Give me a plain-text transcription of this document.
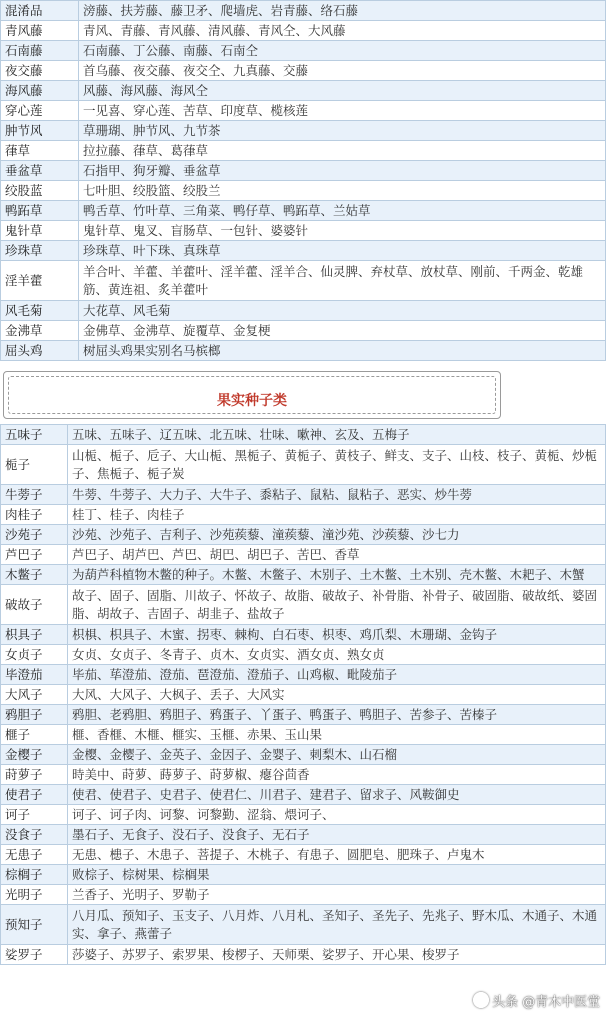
混淆品	滂藤、扶芳藤、藤卫矛、爬墙虎、岩青藤、络石藤
青风藤	青风、青藤、青风藤、清风藤、青风仝、大风藤
石南藤	石南藤、丁公藤、南藤、石南仝
夜交藤	首乌藤、夜交藤、夜交仝、九真藤、交藤
海风藤	风藤、海风藤、海风仝
穿心莲	一见喜、穿心莲、苦草、印度草、榄核莲
肿节风	草珊瑚、肿节风、九节茶
葎草	拉拉藤、葎草、葛葎草
垂盆草	石指甲、狗牙瓣、垂盆草
绞股蓝	七叶胆、绞股篮、绞股兰
鸭跖草	鸭舌草、竹叶草、三角菜、鸭仔草、鸭跖草、兰姑草
鬼针草	鬼针草、鬼叉、盲肠草、一包针、婆婆针
珍珠草	珍珠草、叶下珠、真珠草
淫羊藿	羊合叶、羊藿、羊藿叶、淫羊藿、淫羊合、仙灵脾、弃杖草、放杖草、刚前、千两金、乾雄筋、黄连祖、炙羊藿叶
风毛菊	大花草、风毛菊
金沸草	金佛草、金沸草、旋覆草、金复梗
屈头鸡	树屈头鸡果实别名马槟榔
果实种子类
五味子	五味、五味子、辽五味、北五味、壮味、嗽神、玄及、五梅子
栀子	山栀、栀子、卮子、大山栀、黑栀子、黄栀子、黄枝子、鲜支、支子、山枝、枝子、黄栀、炒栀子、焦栀子、栀子炭
牛蒡子	牛蒡、牛蒡子、大力子、大牛子、黍粘子、鼠粘、鼠粘子、恶实、炒牛蒡
肉桂子	桂丁、桂子、肉桂子
沙苑子	沙苑、沙苑子、吉利子、沙苑蒺藜、潼蒺藜、潼沙苑、沙蒺藜、沙七力
芦巴子	芦巴子、胡芦巴、芦巴、胡巴、胡巴子、苦巴、香草
木鳖子	为葫芦科植物木鳖的种子。木鳖、木鳖子、木别子、土木鳖、土木别、壳木鳖、木耙子、木蟹
破故子	故子、固子、固脂、川故子、怀故子、故脂、破故子、补骨脂、补骨子、破固脂、破故纸、婆固脂、胡故子、吉固子、胡韭子、盐故子
枳具子	枳椇、枳具子、木蜜、拐枣、棘枸、白石枣、枳枣、鸡爪梨、木珊瑚、金钩子
女贞子	女贞、女贞子、冬青子、贞木、女贞实、酒女贞、熟女贞
毕澄茄	毕茄、荜澄茄、澄茄、琶澄茄、澄茄子、山鸡椒、毗陵茄子
大风子	大风、大风子、大枫子、丢子、大风实
鸦胆子	鸦胆、老鸦胆、鸦胆子、鸦蛋子、丫蛋子、鸭蛋子、鸭胆子、苦参子、苦榛子
榧子	榧、香榧、木榧、榧实、玉榧、赤果、玉山果
金樱子	金樱、金樱子、金英子、金因子、金婴子、刺梨木、山石榴
莳萝子	時美中、莳萝、蒔萝子、莳萝椒、瘪谷茴香
使君子	使君、使君子、史君子、使君仁、川君子、建君子、留求子、风鞍御史
诃子	诃子、诃子肉、诃黎、诃黎勤、涩翁、煨诃子、
没食子	墨石子、无食子、没石子、没食子、无石子
无患子	无患、槵子、木患子、菩提子、木桃子、有患子、圆肥皂、肥珠子、卢鬼木
棕榈子	败棕子、棕树果、棕榈果
光明子	兰香子、光明子、罗勒子
预知子	八月瓜、预知子、玉支子、八月炸、八月札、圣知子、圣先子、先兆子、野木瓜、木通子、木通实、拿子、燕蕾子
娑罗子	莎婆子、苏罗子、索罗果、梭椤子、天师栗、娑罗子、开心果、梭罗子
头条 @青木中医堂
